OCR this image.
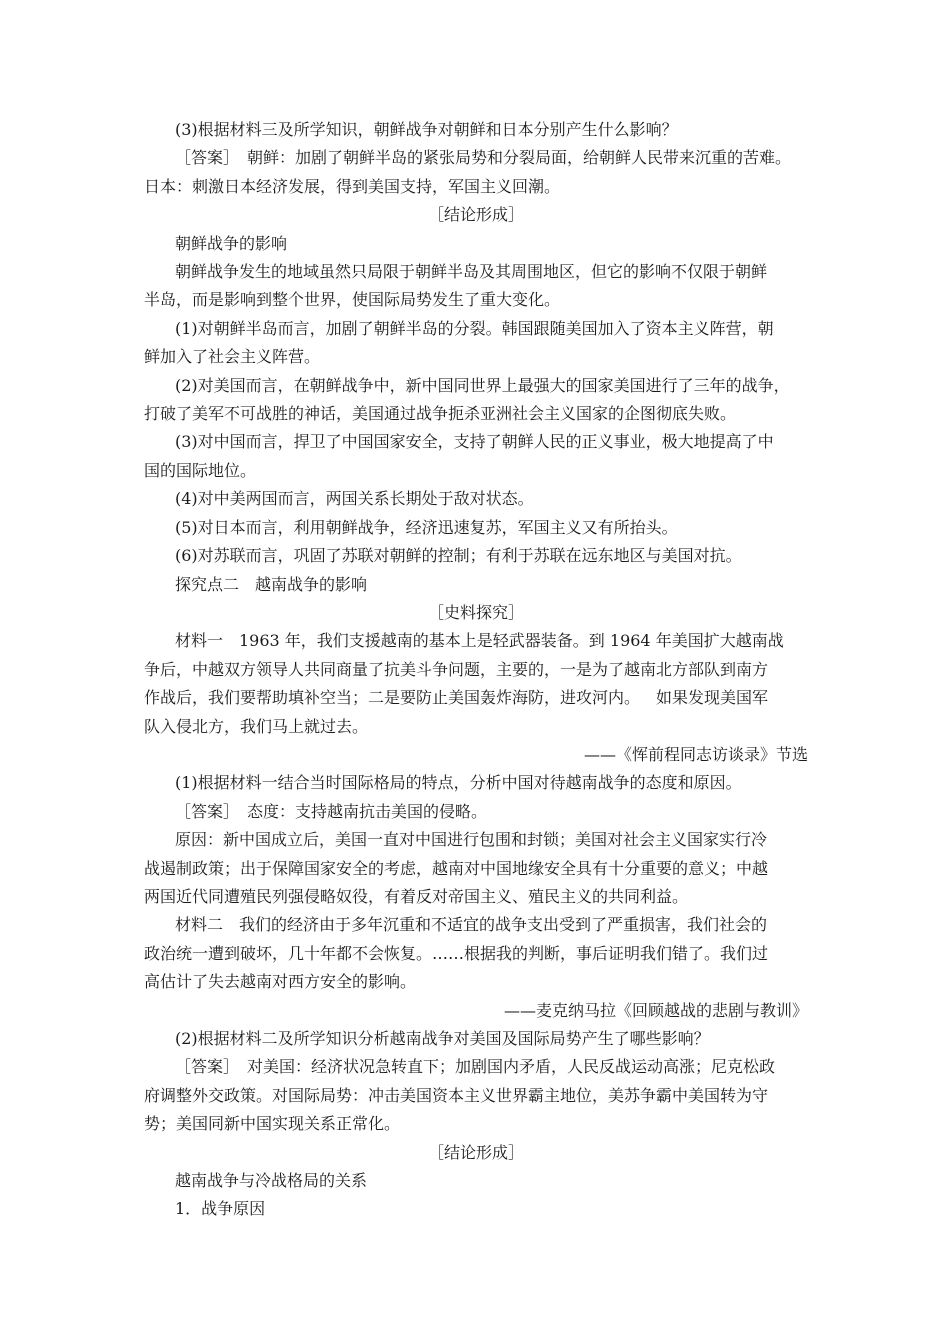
(3)根据材料三及所学知识，朝鲜战争对朝鲜和日本分别产生什么影响？
［答案］　朝鲜：加剧了朝鲜半岛的紧张局势和分裂局面，给朝鲜人民带来沉重的苦难。
日本：刺激日本经济发展，得到美国支持，军国主义回潮。
［结论形成］
朝鲜战争的影响
朝鲜战争发生的地域虽然只局限于朝鲜半岛及其周围地区，但它的影响不仅限于朝鲜
半岛，而是影响到整个世界，使国际局势发生了重大变化。
(1)对朝鲜半岛而言，加剧了朝鲜半岛的分裂。韩国跟随美国加入了资本主义阵营，朝
鲜加入了社会主义阵营。
(2)对美国而言，在朝鲜战争中，新中国同世界上最强大的国家美国进行了三年的战争，
打破了美军不可战胜的神话，美国通过战争扼杀亚洲社会主义国家的企图彻底失败。
(3)对中国而言，捍卫了中国国家安全，支持了朝鲜人民的正义事业，极大地提高了中
国的国际地位。
(4)对中美两国而言，两国关系长期处于敌对状态。
(5)对日本而言，利用朝鲜战争，经济迅速复苏，军国主义又有所抬头。
(6)对苏联而言，巩固了苏联对朝鲜的控制；有利于苏联在远东地区与美国对抗。
探究点二　越南战争的影响
［史料探究］
材料一　1963 年，我们支援越南的基本上是轻武器装备。到 1964 年美国扩大越南战
争后，中越双方领导人共同商量了抗美斗争问题，主要的，一是为了越南北方部队到南方
作战后，我们要帮助填补空当；二是要防止美国轰炸海防，进攻河内。 如果发现美国军
队入侵北方，我们马上就过去。
——《恽前程同志访谈录》节选
(1)根据材料一结合当时国际格局的特点，分析中国对待越南战争的态度和原因。
［答案］　态度：支持越南抗击美国的侵略。
原因：新中国成立后，美国一直对中国进行包围和封锁；美国对社会主义国家实行冷
战遏制政策；出于保障国家安全的考虑，越南对中国地缘安全具有十分重要的意义；中越
两国近代同遭殖民列强侵略奴役，有着反对帝国主义、殖民主义的共同利益。
材料二　我们的经济由于多年沉重和不适宜的战争支出受到了严重损害，我们社会的
政治统一遭到破坏，几十年都不会恢复。……根据我的判断，事后证明我们错了。我们过
高估计了失去越南对西方安全的影响。
——麦克纳马拉《回顾越战的悲剧与教训》
(2)根据材料二及所学知识分析越南战争对美国及国际局势产生了哪些影响？
［答案］　对美国：经济状况急转直下；加剧国内矛盾，人民反战运动高涨；尼克松政
府调整外交政策。对国际局势：冲击美国资本主义世界霸主地位，美苏争霸中美国转为守
势；美国同新中国实现关系正常化。
［结论形成］
越南战争与冷战格局的关系
1．战争原因
